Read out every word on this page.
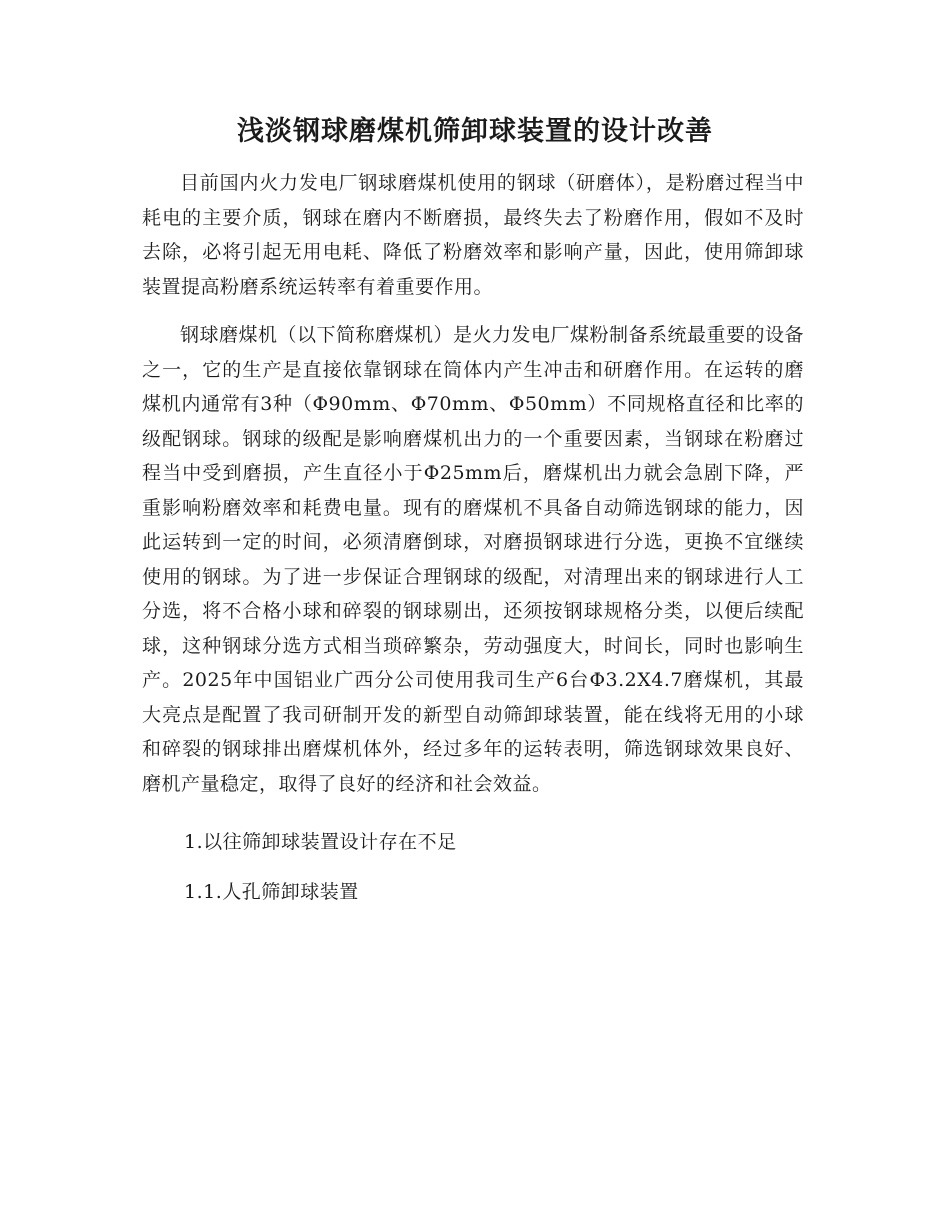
浅淡钢球磨煤机筛卸球装置的设计改善

目前国内火力发电厂钢球磨煤机使用的钢球（研磨体），是粉磨过程当中耗电的主要介质，钢球在磨内不断磨损，最终失去了粉磨作用，假如不及时去除，必将引起无用电耗、降低了粉磨效率和影响产量，因此，使用筛卸球装置提高粉磨系统运转率有着重要作用。

钢球磨煤机（以下简称磨煤机）是火力发电厂煤粉制备系统最重要的设备之一，它的生产是直接依靠钢球在筒体内产生冲击和研磨作用。在运转的磨煤机内通常有3种（Φ90mm、Φ70mm、Φ50mm）不同规格直径和比率的级配钢球。钢球的级配是影响磨煤机出力的一个重要因素，当钢球在粉磨过程当中受到磨损，产生直径小于Φ25mm后，磨煤机出力就会急剧下降，严重影响粉磨效率和耗费电量。现有的磨煤机不具备自动筛选钢球的能力，因此运转到一定的时间，必须清磨倒球，对磨损钢球进行分选，更换不宜继续使用的钢球。为了进一步保证合理钢球的级配，对清理出来的钢球进行人工分选，将不合格小球和碎裂的钢球剔出，还须按钢球规格分类，以便后续配球，这种钢球分选方式相当琐碎繁杂，劳动强度大，时间长，同时也影响生产。2025年中国铝业广西分公司使用我司生产6台Φ3.2X4.7磨煤机，其最大亮点是配置了我司研制开发的新型自动筛卸球装置，能在线将无用的小球和碎裂的钢球排出磨煤机体外，经过多年的运转表明，筛选钢球效果良好、磨机产量稳定，取得了良好的经济和社会效益。

1.以往筛卸球装置设计存在不足

1.1.人孔筛卸球装置
